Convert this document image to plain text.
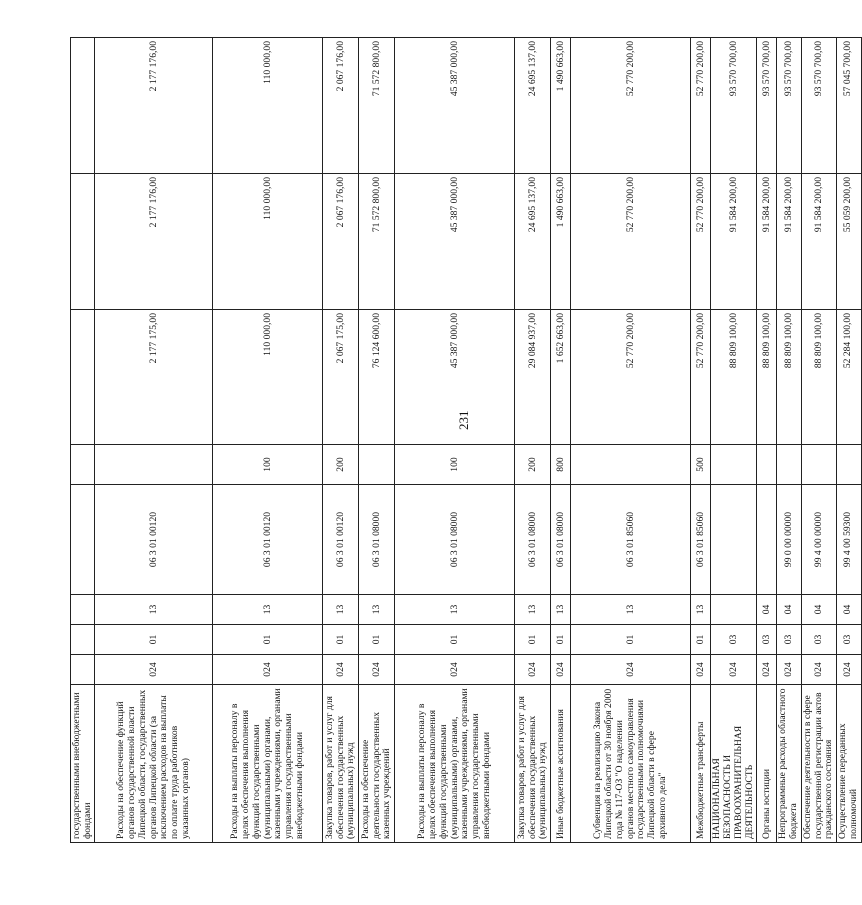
231
государственными внебюджетными фондами								
Расходы на обеспечение функций органов государственной власти Липецкой области, государственных органов Липецкой области (за исключением расходов на выплаты по оплате труда работников указанных органов)	024	01	13	06 3 01 00120		2 177 175,00	2 177 176,00	2 177 176,00
Расходы на выплаты персоналу в целях обеспечения выполнения функций государственными (муниципальными) органами, казенными учреждениями, органами управления государственными внебюджетными фондами	024	01	13	06 3 01 00120	100	110 000,00	110 000,00	110 000,00
Закупка товаров, работ и услуг для обеспечения государственных (муниципальных) нужд	024	01	13	06 3 01 00120	200	2 067 175,00	2 067 176,00	2 067 176,00
Расходы на обеспечение деятельности государственных казенных учреждений	024	01	13	06 3 01 08000		76 124 600,00	71 572 800,00	71 572 800,00
Расходы на выплаты персоналу в целях обеспечения выполнения функций государственными (муниципальными) органами, казенными учреждениями, органами управления государственными внебюджетными фондами	024	01	13	06 3 01 08000	100	45 387 000,00	45 387 000,00	45 387 000,00
Закупка товаров, работ и услуг для обеспечения государственных (муниципальных) нужд	024	01	13	06 3 01 08000	200	29 084 937,00	24 695 137,00	24 695 137,00
Иные бюджетные ассигнования	024	01	13	06 3 01 08000	800	1 652 663,00	1 490 663,00	1 490 663,00
Субвенция на реализацию Закона Липецкой области от 30 ноября 2000 года № 117-ОЗ "О наделении органов местного самоуправления государственными полномочиями Липецкой области в сфере архивного дела"	024	01	13	06 3 01 85060		52 770 200,00	52 770 200,00	52 770 200,00
Межбюджетные трансферты	024	01	13	06 3 01 85060	500	52 770 200,00	52 770 200,00	52 770 200,00
НАЦИОНАЛЬНАЯ БЕЗОПАСНОСТЬ И ПРАВООХРАНИТЕЛЬНАЯ ДЕЯТЕЛЬНОСТЬ	024	03				88 809 100,00	91 584 200,00	93 570 700,00
Органы юстиции	024	03	04			88 809 100,00	91 584 200,00	93 570 700,00
Непрограммные расходы областного бюджета	024	03	04	99 0 00 00000		88 809 100,00	91 584 200,00	93 570 700,00
Обеспечение деятельности в сфере государственной регистрации актов гражданского состояния	024	03	04	99 4 00 00000		88 809 100,00	91 584 200,00	93 570 700,00
Осуществление переданных полномочий	024	03	04	99 4 00 59300		52 284 100,00	55 059 200,00	57 045 700,00
